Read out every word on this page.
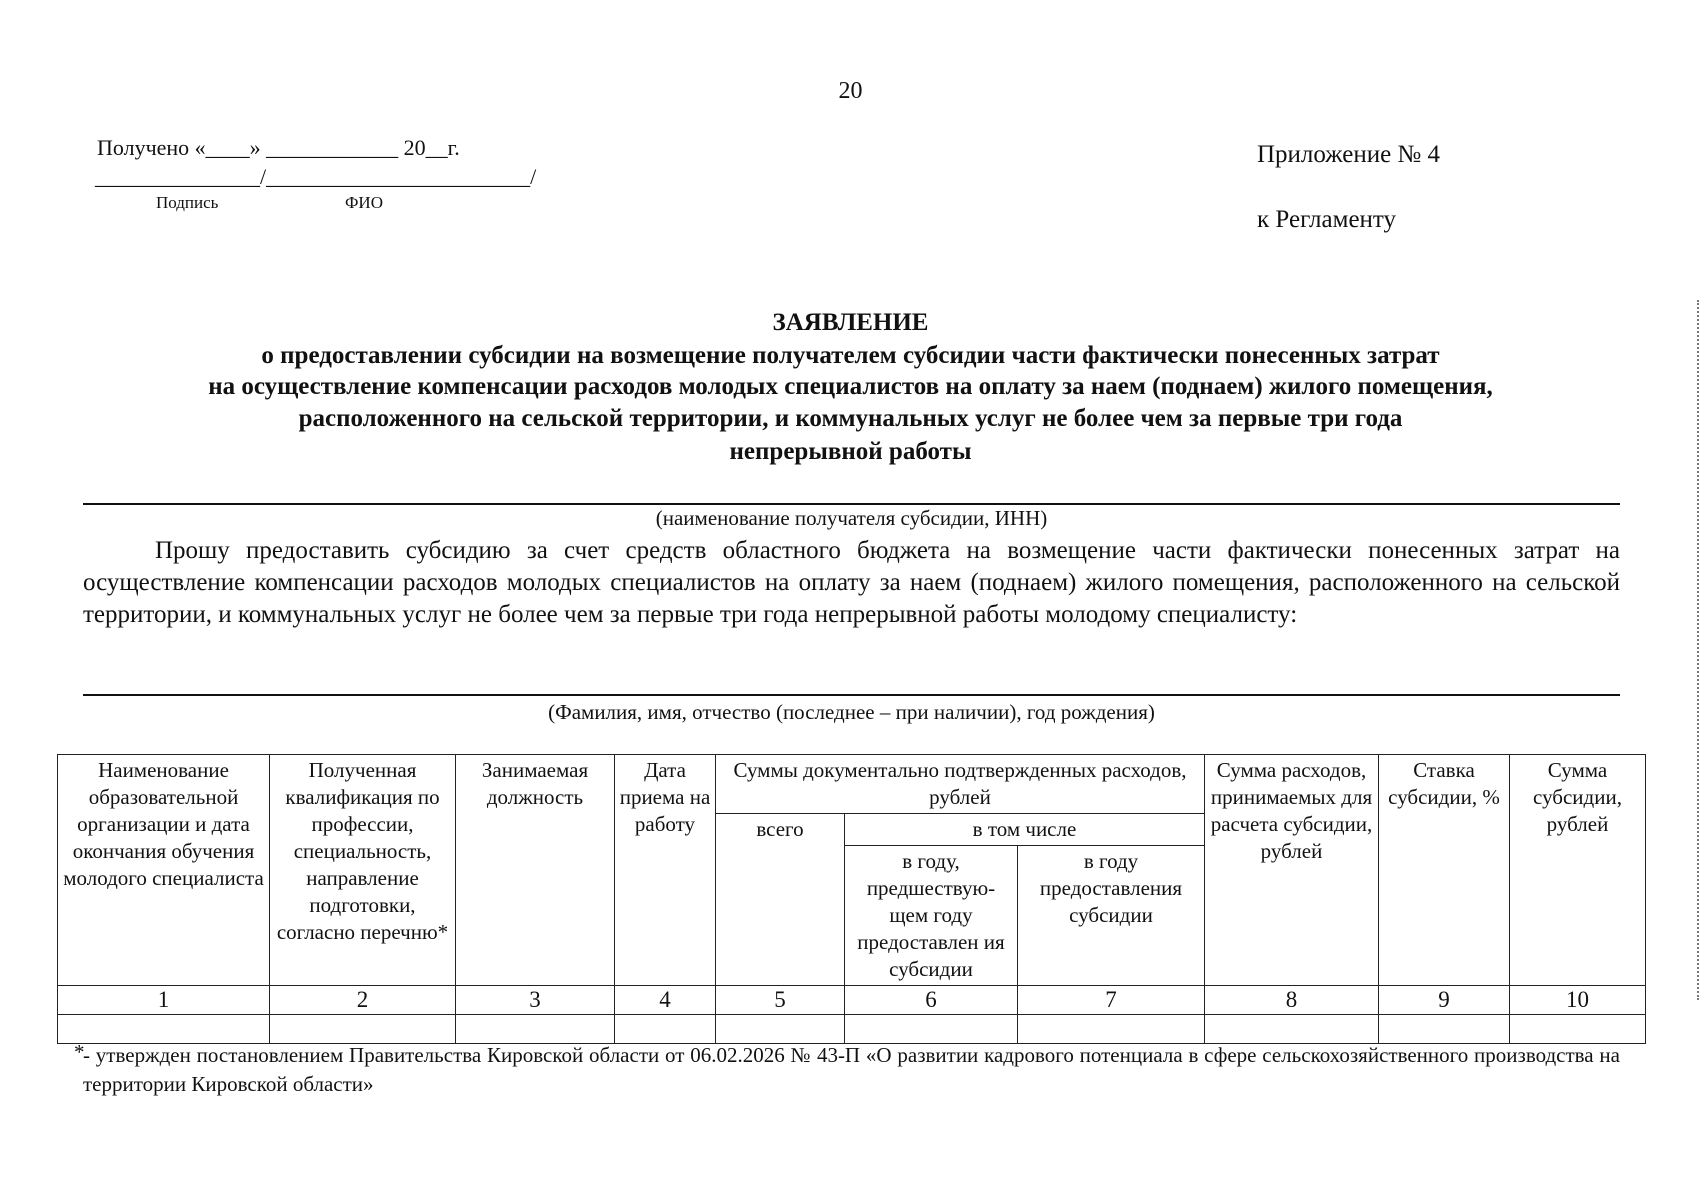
20
Получено «____» ____________ 20__г.
_______________/________________________/
Подпись	ФИО
Приложение № 4
к Регламенту
ЗАЯВЛЕНИЕ
о предоставлении субсидии на возмещение получателем субсидии части фактически понесенных затрат
на осуществление компенсации расходов молодых специалистов на оплату за наем (поднаем) жилого помещения,
расположенного на сельской территории, и коммунальных услуг не более чем за первые три года
непрерывной работы
(наименование получателя субсидии, ИНН)
Прошу предоставить субсидию за счет средств областного бюджета на возмещение части фактически понесенных затрат на осуществление компенсации расходов молодых специалистов на оплату за наем (поднаем) жилого помещения, расположенного на сельской территории, и коммунальных услуг не более чем за первые три года непрерывной работы молодому специалисту:
(Фамилия, имя, отчество (последнее – при наличии), год рождения)
Наименование образовательной организации и дата окончания обучения молодого специалиста	Полученная квалификация по профессии, специальность, направление подготовки, согласно перечню*	Занимаемая должность	Дата приема на работу	Суммы документально подтвержденных расходов, рублей			Сумма расходов, принимаемых для расчета субсидии, рублей	Ставка субсидии, %	Сумма субсидии, рублей
				всего	в том числе				
					в году, предшествую-щем году предоставлен ия субсидии	в году предоставления субсидии			
1	2	3	4	5	6	7	8	9	10

*
- утвержден постановлением Правительства Кировской области от 06.02.2026 № 43-П «О развитии кадрового потенциала в сфере сельскохозяйственного производства на территории Кировской области»
